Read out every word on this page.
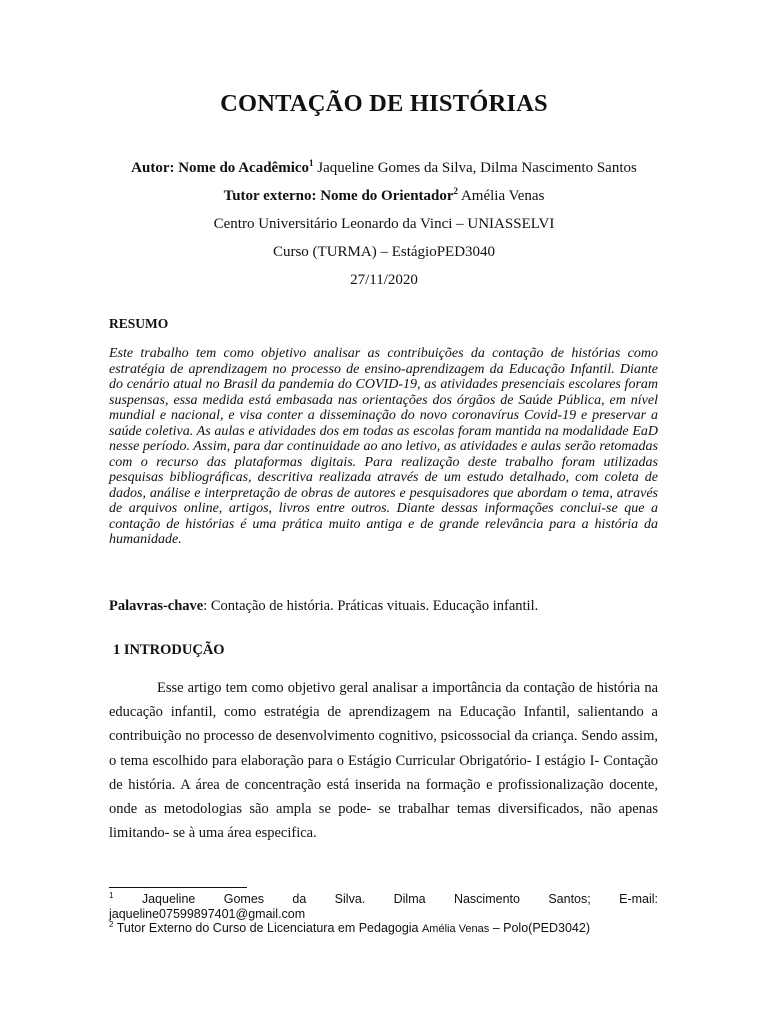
CONTAÇÃO DE HISTÓRIAS
Autor: Nome do Acadêmico$^1$ Jaqueline Gomes da Silva, Dilma Nascimento Santos
Tutor externo: Nome do Orientador$^2$ Amélia Venas
Centro Universitário Leonardo da Vinci – UNIASSELVI
Curso (TURMA) – EstágioPED3040
27/11/2020
RESUMO
Este trabalho tem como objetivo analisar as contribuições da contação de histórias como estratégia de aprendizagem no processo de ensino-aprendizagem da Educação Infantil. Diante do cenário atual no Brasil da pandemia do COVID-19, as atividades presenciais escolares foram suspensas, essa medida está embasada nas orientações dos órgãos de Saúde Pública, em nível mundial e nacional, e visa conter a disseminação do novo coronavírus Covid-19 e preservar a saúde coletiva. As aulas e atividades dos em todas as escolas foram mantida na modalidade EaD nesse período. Assim, para dar continuidade ao ano letivo, as atividades e aulas serão retomadas com o recurso das plataformas digitais. Para realização deste trabalho foram utilizadas pesquisas bibliográficas, descritiva realizada através de um estudo detalhado, com coleta de dados, análise e interpretação de obras de autores e pesquisadores que abordam o tema, através de arquivos online, artigos, livros entre outros. Diante dessas informações conclui-se que a contação de histórias é uma prática muito antiga e de grande relevância para a história da humanidade.
Palavras-chave: Contação de história. Práticas vituais. Educação infantil.
1 INTRODUÇÃO
Esse artigo tem como objetivo geral analisar a importância da contação de história na educação infantil, como estratégia de aprendizagem na Educação Infantil, salientando a contribuição no processo de desenvolvimento cognitivo, psicossocial da criança. Sendo assim, o tema escolhido para elaboração para o Estágio Curricular Obrigatório- I estágio I- Contação de história. A área de concentração está inserida na formação e profissionalização docente, onde as metodologias são ampla se pode- se trabalhar temas diversificados, não apenas limitando- se à uma área especifica.
$^1$ Jaqueline Gomes da Silva. Dilma Nascimento Santos; E-mail: jaqueline07599897401@gmail.com
$^2$ Tutor Externo do Curso de Licenciatura em Pedagogia Amélia Venas – Polo(PED3042)
